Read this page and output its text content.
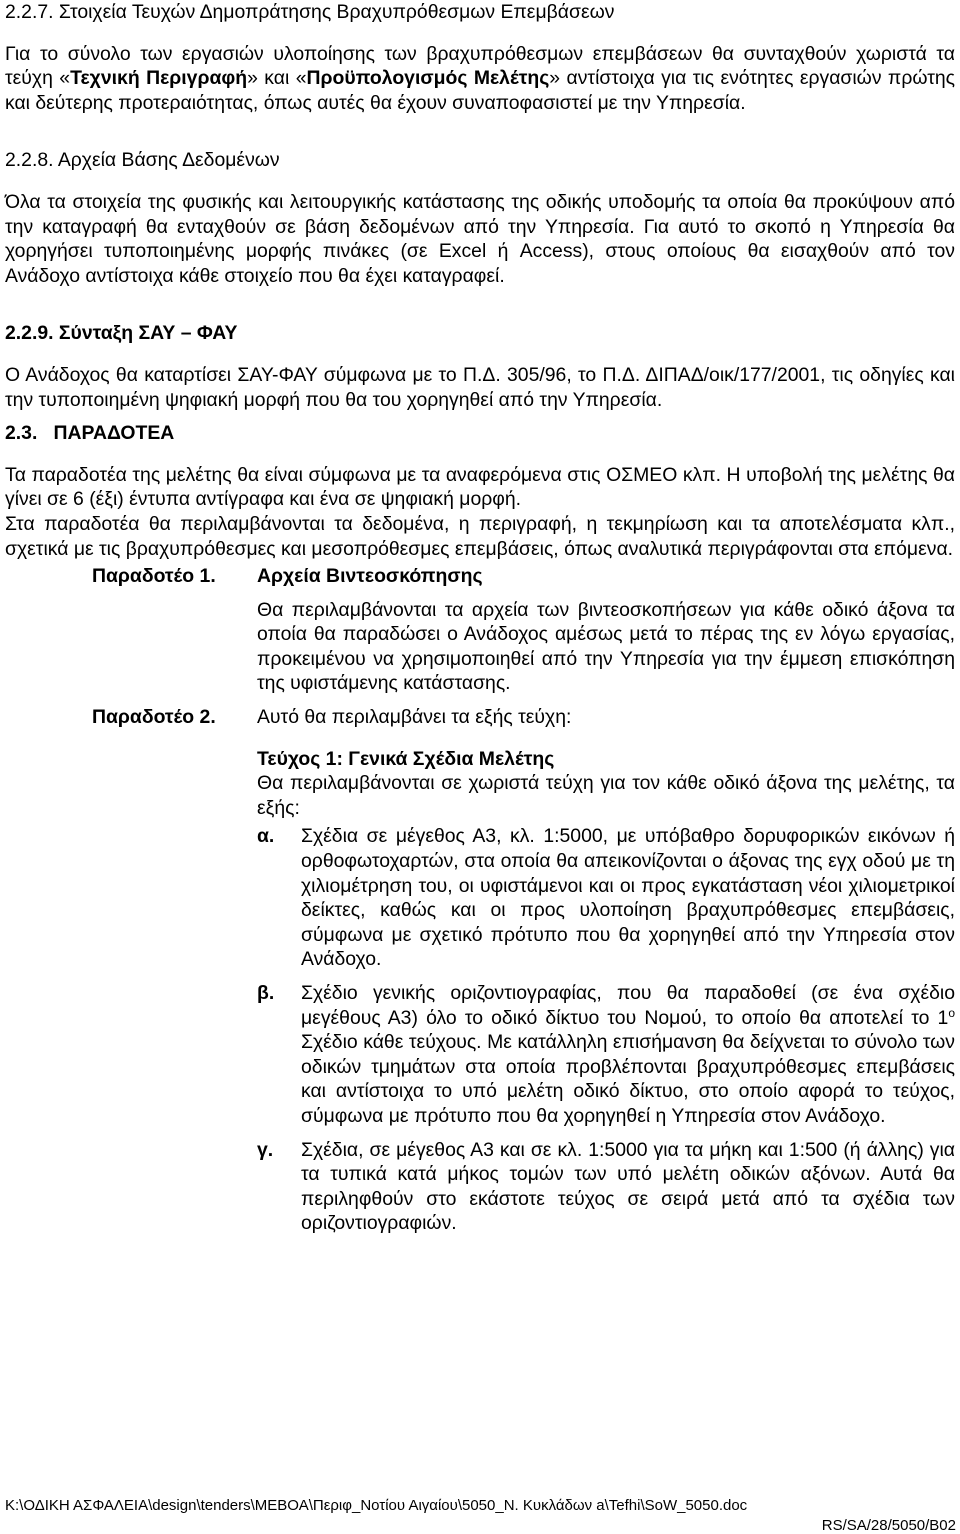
2.2.7. Στοιχεία Τευχών Δημοπράτησης Βραχυπρόθεσμων Επεμβάσεων

Για το σύνολο των εργασιών υλοποίησης των βραχυπρόθεσμων επεμβάσεων θα συνταχθούν χωριστά τα τεύχη «Τεχνική Περιγραφή» και «Προϋπολογισμός Μελέτης» αντίστοιχα για τις ενότητες εργασιών πρώτης και δεύτερης προτεραιότητας, όπως αυτές θα έχουν συναποφασιστεί με την Υπηρεσία.

2.2.8. Αρχεία Βάσης Δεδομένων

Όλα τα στοιχεία της φυσικής και λειτουργικής κατάστασης της οδικής υποδομής τα οποία θα προκύψουν από την καταγραφή θα ενταχθούν σε βάση δεδομένων από την Υπηρεσία. Για αυτό το σκοπό η Υπηρεσία θα χορηγήσει τυποποιημένης μορφής πινάκες (σε Excel ή Access), στους οποίους θα εισαχθούν από τον Ανάδοχο αντίστοιχα κάθε στοιχείο που θα έχει καταγραφεί.

2.2.9. Σύνταξη ΣΑΥ – ΦΑΥ

Ο Ανάδοχος θα καταρτίσει ΣΑΥ-ΦΑΥ σύμφωνα με το Π.Δ. 305/96, το Π.Δ. ΔΙΠΑΔ/οικ/177/2001, τις οδηγίες και την τυποποιημένη ψηφιακή μορφή που θα του χορηγηθεί από την Υπηρεσία.

2.3.   ΠΑΡΑΔΟΤΕΑ

Τα παραδοτέα της μελέτης θα είναι σύμφωνα με τα αναφερόμενα στις ΟΣΜΕΟ κλπ. Η υποβολή της μελέτης θα γίνει σε 6 (έξι) έντυπα αντίγραφα και ένα σε ψηφιακή μορφή.

Στα παραδοτέα θα περιλαμβάνονται τα δεδομένα, η περιγραφή, η τεκμηρίωση και τα αποτελέσματα κλπ., σχετικά με τις βραχυπρόθεσμες και μεσοπρόθεσμες επεμβάσεις, όπως αναλυτικά περιγράφονται στα επόμενα.

Παραδοτέο 1. Αρχεία Βιντεοσκόπησης

Θα περιλαμβάνονται τα αρχεία των βιντεοσκοπήσεων για κάθε οδικό άξονα τα οποία θα παραδώσει ο Ανάδοχος αμέσως μετά το πέρας της εν λόγω εργασίας, προκειμένου να χρησιμοποιηθεί από την Υπηρεσία για την έμμεση επισκόπηση της υφιστάμενης κατάστασης.

Παραδοτέο 2. Αυτό θα περιλαμβάνει τα εξής τεύχη:

Τεύχος 1: Γενικά Σχέδια Μελέτης

Θα περιλαμβάνονται σε χωριστά τεύχη για τον κάθε οδικό άξονα της μελέτης, τα εξής:

α. Σχέδια σε μέγεθος Α3, κλ. 1:5000, με υπόβαθρο δορυφορικών εικόνων ή ορθοφωτοχαρτών, στα οποία θα απεικονίζονται ο άξονας της εγχ οδού με τη χιλιομέτρηση του, οι υφιστάμενοι και οι προς εγκατάσταση νέοι χιλιομετρικοί δείκτες, καθώς και οι προς υλοποίηση βραχυπρόθεσμες επεμβάσεις, σύμφωνα με σχετικό πρότυπο που θα χορηγηθεί από την Υπηρεσία στον Ανάδοχο.

β. Σχέδιο γενικής οριζοντιογραφίας, που θα παραδοθεί (σε ένα σχέδιο μεγέθους Α3) όλο το οδικό δίκτυο του Νομού, το οποίο θα αποτελεί το $1^o$ Σχέδιο κάθε τεύχους. Με κατάλληλη επισήμανση θα δείχνεται το σύνολο των οδικών τμημάτων στα οποία προβλέπονται βραχυπρόθεσμες επεμβάσεις και αντίστοιχα το υπό μελέτη οδικό δίκτυο, στο οποίο αφορά το τεύχος, σύμφωνα με πρότυπο που θα χορηγηθεί η Υπηρεσία στον Ανάδοχο.

γ. Σχέδια, σε μέγεθος Α3 και σε κλ. 1:5000 για τα μήκη και 1:500 (ή άλλης) για τα τυπικά κατά μήκος τομών των υπό μελέτη οδικών αξόνων. Αυτά θα περιληφθούν στο εκάστοτε τεύχος σε σειρά μετά από τα σχέδια των οριζοντιογραφιών.

K:\ΟΔΙΚΗ ΑΣΦΑΛΕΙΑ\design\tenders\ΜΕΒΟΑ\Περιφ_Νοτίου Αιγαίου\5050_Ν. Κυκλάδων a\Tefhi\SoW_5050.doc
RS/SA/28/5050/B02
